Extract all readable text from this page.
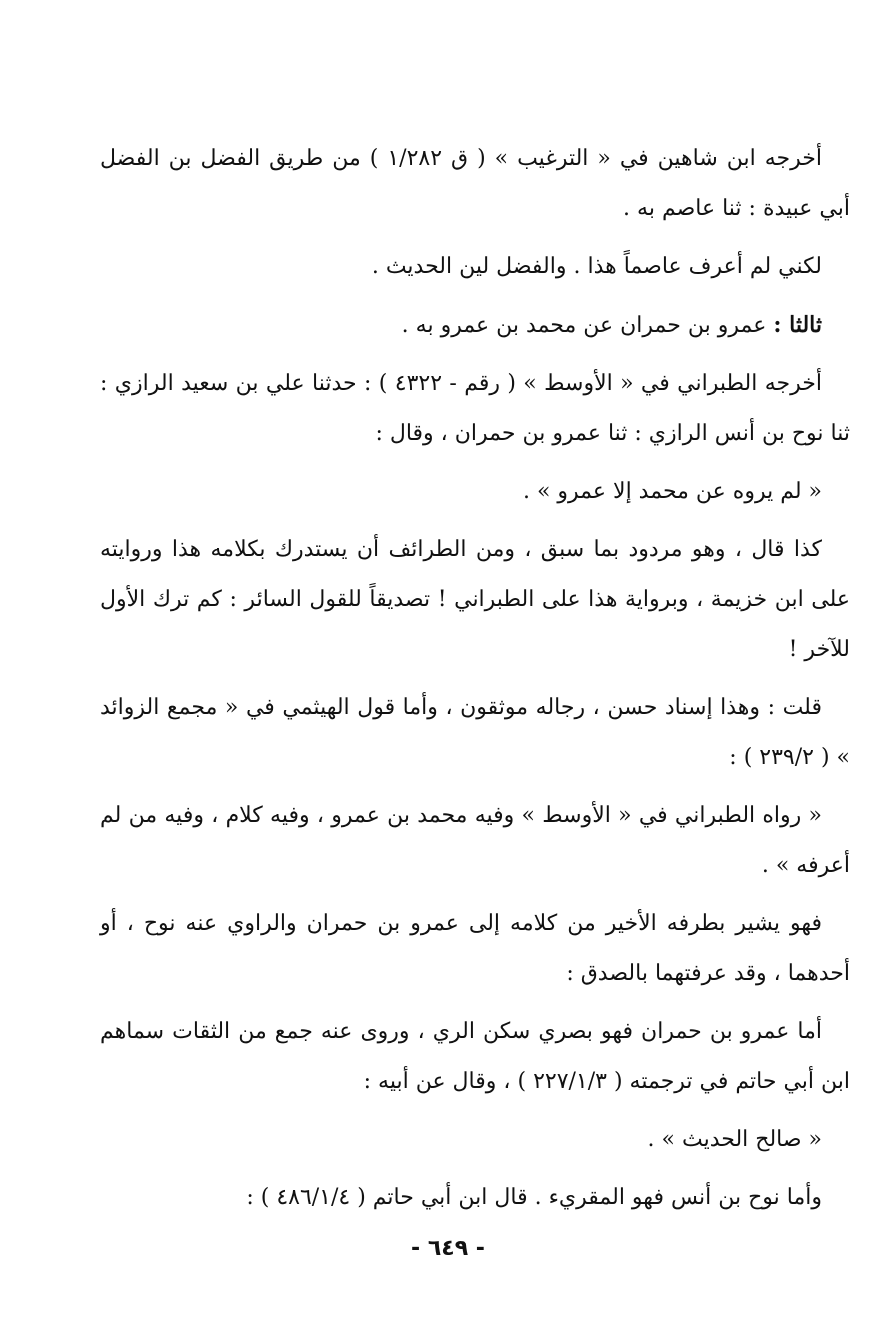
أخرجه ابن شاهين في « الترغيب » ( ق ١/٢٨٢ ) من طريق الفضل بن الفضل أبي عبيدة : ثنا عاصم به .

لكني لم أعرف عاصماً هذا . والفضل لين الحديث .

ثالثا : عمرو بن حمران عن محمد بن عمرو به .

أخرجه الطبراني في « الأوسط » ( رقم - ٤٣٢٢ ) : حدثنا علي بن سعيد الرازي : ثنا نوح بن أنس الرازي : ثنا عمرو بن حمران ، وقال :

« لم يروه عن محمد إلا عمرو » .

كذا قال ، وهو مردود بما سبق ، ومن الطرائف أن يستدرك بكلامه هذا وروايته على ابن خزيمة ، وبرواية هذا على الطبراني ! تصديقاً للقول السائر : كم ترك الأول للآخر !

قلت : وهذا إسناد حسن ، رجاله موثقون ، وأما قول الهيثمي في « مجمع الزوائد » ( ٢٣٩/٢ ) :

« رواه الطبراني في « الأوسط » وفيه محمد بن عمرو ، وفيه كلام ، وفيه من لم أعرفه » .

فهو يشير بطرفه الأخير من كلامه إلى عمرو بن حمران والراوي عنه نوح ، أو أحدهما ، وقد عرفتهما بالصدق :

أما عمرو بن حمران فهو بصري سكن الري ، وروى عنه جمع من الثقات سماهم ابن أبي حاتم في ترجمته ( ٢٢٧/١/٣ ) ، وقال عن أبيه :

« صالح الحديث » .

وأما نوح بن أنس فهو المقريء . قال ابن أبي حاتم ( ٤٨٦/١/٤ ) :

- ٦٤٩ -
